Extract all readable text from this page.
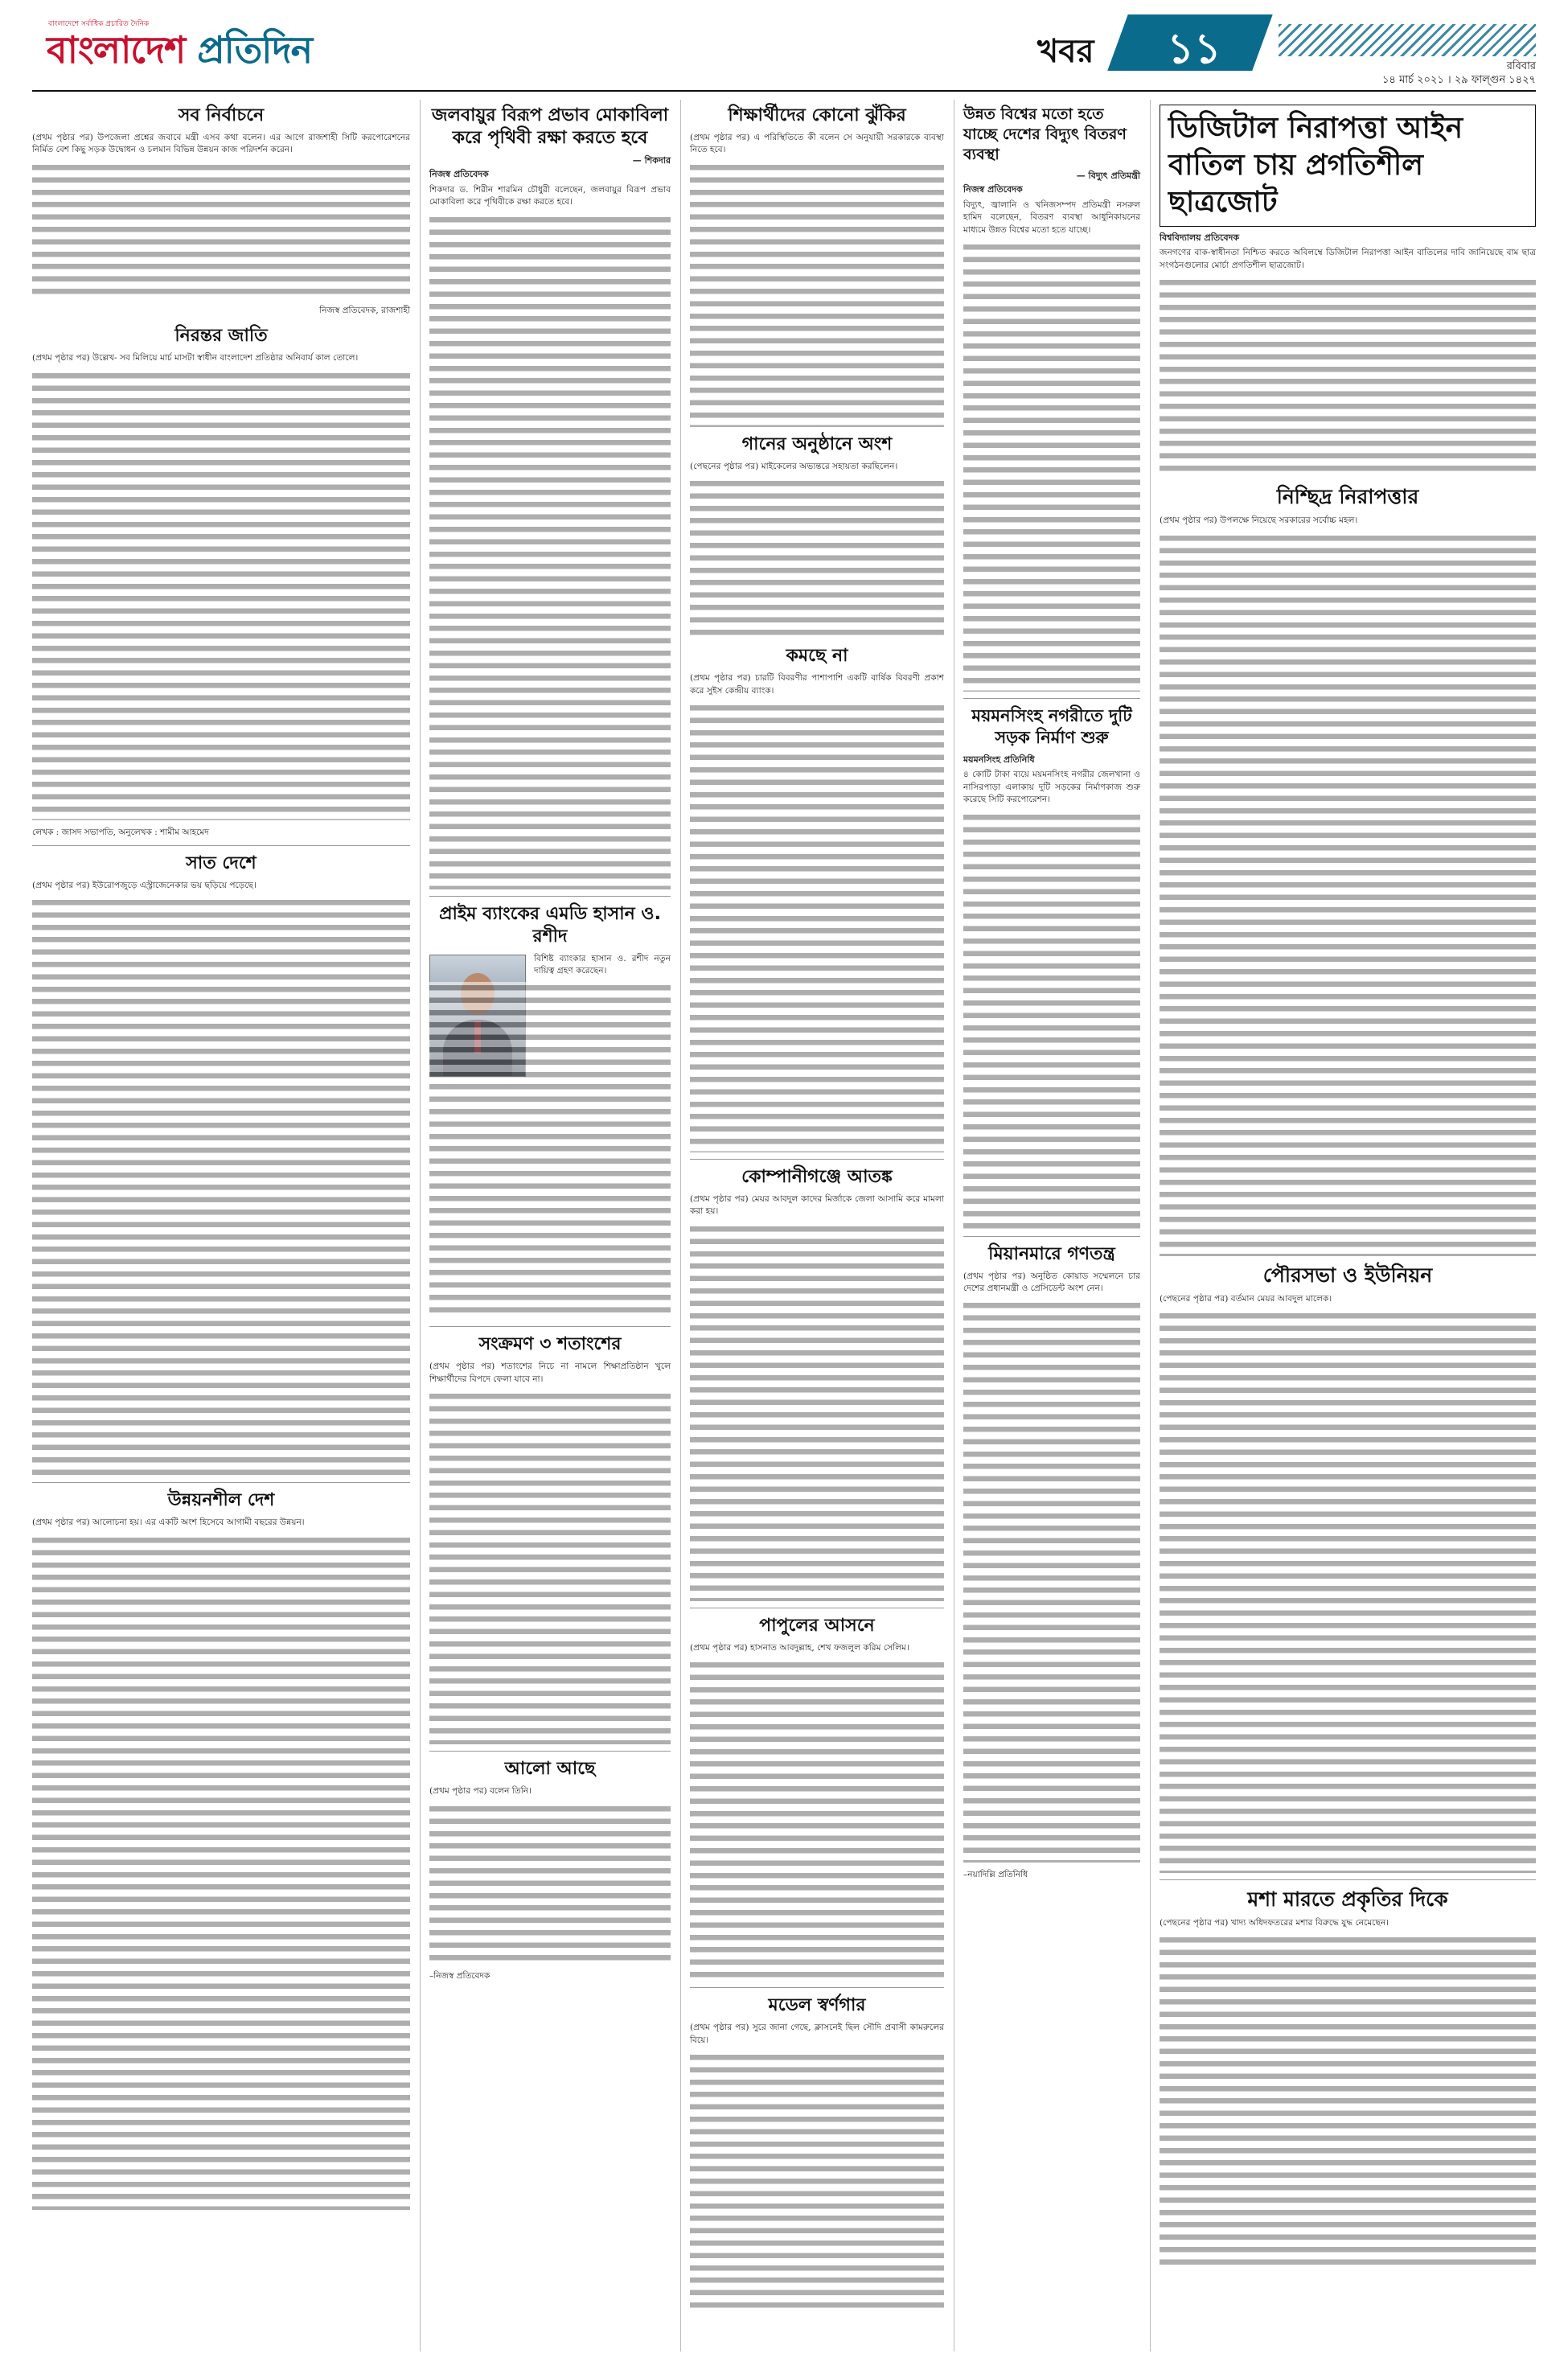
বাংলাদেশে সর্বাধিক প্রচারিত দৈনিক
বাংলাদেশ প্রতিদিন	খবর	১১	রবিবার
১৪ মার্চ ২০২১ । ২৯ ফাল্গুন ১৪২৭
সব নির্বাচনে

(প্রথম পৃষ্ঠার পর) উপজেলা প্রশ্নের জবাবে মন্ত্রী এসব কথা বলেন। এর আগে রাজশাহী সিটি করপোরেশনের নির্মিত বেশ কিছু সড়ক উদ্বোধন ও চলমান বিভিন্ন উন্নয়ন কাজ পরিদর্শন করেন।

নিজস্ব প্রতিবেদক, রাজশাহী
নিরন্তর জাতি

(প্রথম পৃষ্ঠার পর) উল্লেখ- সব মিলিয়ে মার্চ মাসটা স্বাধীন বাংলাদেশ প্রতিষ্ঠার অনিবার্য কাল তোলে।

লেখক : জাসদ সভাপতি, অনুলেখক : শামীম আহমেদ
সাত দেশে

(প্রথম পৃষ্ঠার পর) ইউরোপজুড়ে এস্ট্রাজেনেকার ভয় ছড়িয়ে পড়েছে।

উন্নয়নশীল দেশ

(প্রথম পৃষ্ঠার পর) আলোচনা হয়। এর একটি অংশ হিসেবে আগামী বছরের উন্নয়ন।

জলবায়ুর বিরূপ প্রভাব মোকাবিলা করে পৃথিবী রক্ষা করতে হবে
— শিকদার
নিজস্ব প্রতিবেদক

শিকদার ড. শিরীন শারমিন চৌধুরী বলেছেন, জলবায়ুর বিরূপ প্রভাব মোকাবিলা করে পৃথিবীকে রক্ষা করতে হবে।

প্রাইম ব্যাংকের এমডি হাসান ও. রশীদ

বিশিষ্ট ব্যাংকার হাসান ও. রশীদ নতুন দায়িত্ব গ্রহণ করেছেন।

সংক্রমণ ৩ শতাংশের

(প্রথম পৃষ্ঠার পর) শতাংশের নিচে না নামলে শিক্ষাপ্রতিষ্ঠান খুলে শিক্ষার্থীদের বিপদে ফেলা যাবে না।

আলো আছে

(প্রথম পৃষ্ঠার পর) বলেন তিনি।

–নিজস্ব প্রতিবেদক
শিক্ষার্থীদের কোনো ঝুঁকির

(প্রথম পৃষ্ঠার পর) এ পরিস্থিতিতে কী বলেন সে অনুযায়ী সরকারকে ব্যবস্থা নিতে হবে।

গানের অনুষ্ঠানে অংশ

(পেছনের পৃষ্ঠার পর) মাইকেলের অভ্যন্তরে সহায়তা করছিলেন।

কমছে না

(প্রথম পৃষ্ঠার পর) চারটি বিবরণীর পাশাপাশি একটি বার্ষিক বিবরণী প্রকাশ করে সুইস কেন্দ্রীয় ব্যাংক।

কোম্পানীগঞ্জে আতঙ্ক

(প্রথম পৃষ্ঠার পর) মেয়র আবদুল কাদের মির্জাকে জেলা আসামি করে মামলা করা হয়।

পাপুলের আসনে

(প্রথম পৃষ্ঠার পর) হাসনাত আবদুল্লাহ, শেখ ফজলুল করিম সেলিম।

মডেল স্বর্ণগার

(প্রথম পৃষ্ঠার পর) সুরে জানা গেছে, ক্লাসনেই ছিল সৌদি প্রবাসী কামরুলের বিয়ে।

উন্নত বিশ্বের মতো হতে যাচ্ছে দেশের বিদ্যুৎ বিতরণ ব্যবস্থা
— বিদ্যুৎ প্রতিমন্ত্রী
নিজস্ব প্রতিবেদক

বিদ্যুৎ, জ্বালানি ও খনিজসম্পদ প্রতিমন্ত্রী নসরুল হামিদ বলেছেন, বিতরণ ব্যবস্থা আধুনিকায়নের মাধ্যমে উন্নত বিশ্বের মতো হতে যাচ্ছে।

ময়মনসিংহ নগরীতে দুটি সড়ক নির্মাণ শুরু
ময়মনসিংহ প্রতিনিধি

৪ কোটি টাকা ব্যয়ে ময়মনসিংহ নগরীর জেলখানা ও নাসিরপাড়া এলাকায় দুটি সড়কের নির্মাণকাজ শুরু করেছে সিটি করপোরেশন।

মিয়ানমারে গণতন্ত্র

(প্রথম পৃষ্ঠার পর) অনুষ্ঠিত কোয়াড সম্মেলনে চার দেশের প্রধানমন্ত্রী ও প্রেসিডেন্ট অংশ নেন।

–নয়াদিল্লি প্রতিনিধি
ডিজিটাল নিরাপত্তা আইন বাতিল চায় প্রগতিশীল ছাত্রজোট
বিশ্ববিদ্যালয় প্রতিবেদক

জনগণের বাক-স্বাধীনতা নিশ্চিত করতে অবিলম্বে ডিজিটাল নিরাপত্তা আইন বাতিলের দাবি জানিয়েছে বাম ছাত্র সংগঠনগুলোর মোর্চা প্রগতিশীল ছাত্রজোট।

নিশ্ছিদ্র নিরাপত্তার

(প্রথম পৃষ্ঠার পর) উপলক্ষে নিয়েছে সরকারের সর্বোচ্চ মহল।

পৌরসভা ও ইউনিয়ন

(পেছনের পৃষ্ঠার পর) বর্তমান মেয়র আবদুল মালেক।

মশা মারতে প্রকৃতির দিকে

(পেছনের পৃষ্ঠার পর) খাদ্য অধিদফতরের মশার বিরুদ্ধে যুদ্ধ নেমেছেন।
